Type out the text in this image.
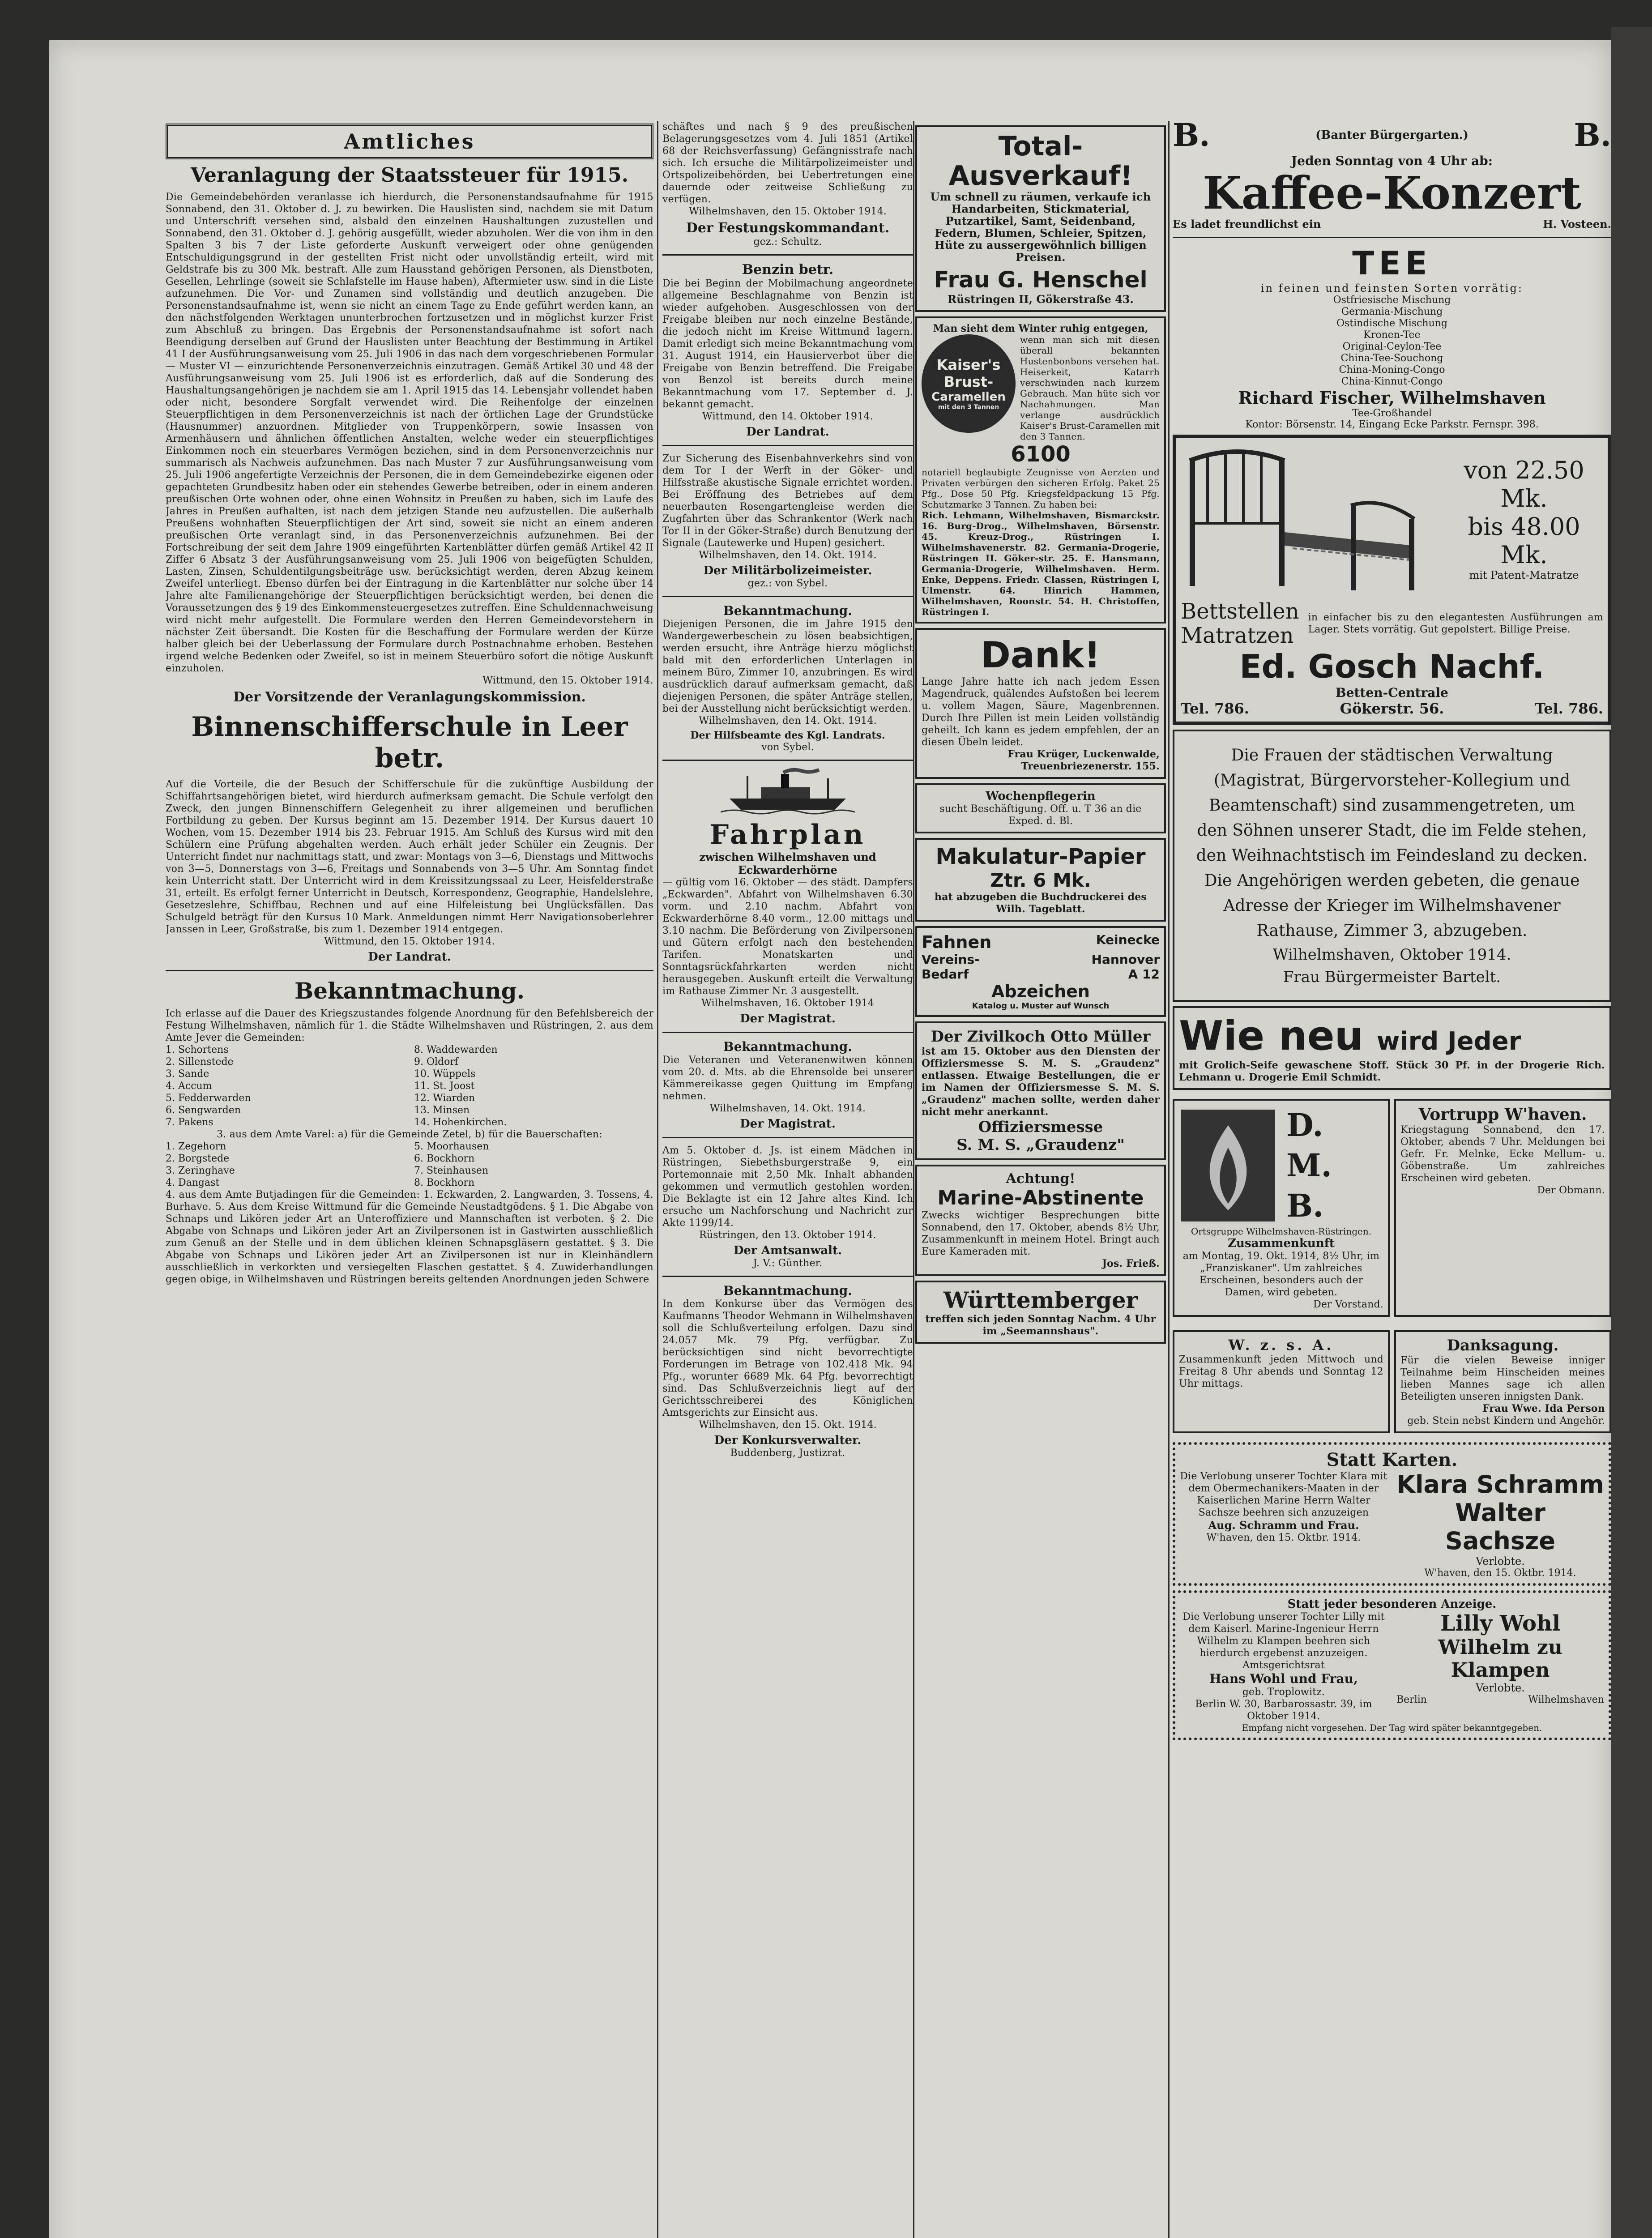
Amtliches
Veranlagung der Staatssteuer für 1915.
Die Gemeindebehörden veranlasse ich hierdurch, die Personenstandsaufnahme für 1915 Sonnabend, den 31. Oktober d. J. zu bewirken. Die Hauslisten sind, nachdem sie mit Datum und Unterschrift versehen sind, alsbald den einzelnen Haushaltungen zuzustellen und Sonnabend, den 31. Oktober d. J. gehörig ausgefüllt, wieder abzuholen. Wer die von ihm in den Spalten 3 bis 7 der Liste geforderte Auskunft verweigert oder ohne genügenden Entschuldigungsgrund in der gestellten Frist nicht oder unvollständig erteilt, wird mit Geldstrafe bis zu 300 Mk. bestraft. Alle zum Hausstand gehörigen Personen, als Dienstboten, Gesellen, Lehrlinge (soweit sie Schlafstelle im Hause haben), Aftermieter usw. sind in die Liste aufzunehmen. Die Vor- und Zunamen sind vollständig und deutlich anzugeben. Die Personenstandsaufnahme ist, wenn sie nicht an einem Tage zu Ende geführt werden kann, an den nächstfolgenden Werktagen ununterbrochen fortzusetzen und in möglichst kurzer Frist zum Abschluß zu bringen. Das Ergebnis der Personenstandsaufnahme ist sofort nach Beendigung derselben auf Grund der Hauslisten unter Beachtung der Bestimmung in Artikel 41 I der Ausführungsanweisung vom 25. Juli 1906 in das nach dem vorgeschriebenen Formular — Muster VI — einzurichtende Personenverzeichnis einzutragen. Gemäß Artikel 30 und 48 der Ausführungsanweisung vom 25. Juli 1906 ist es erforderlich, daß auf die Sonderung des Haushaltungsangehörigen je nachdem sie am 1. April 1915 das 14. Lebensjahr vollendet haben oder nicht, besondere Sorgfalt verwendet wird. Die Reihenfolge der einzelnen Steuerpflichtigen in dem Personenverzeichnis ist nach der örtlichen Lage der Grundstücke (Hausnummer) anzuordnen. Mitglieder von Truppenkörpern, sowie Insassen von Armenhäusern und ähnlichen öffentlichen Anstalten, welche weder ein steuerpflichtiges Einkommen noch ein steuerbares Vermögen beziehen, sind in dem Personenverzeichnis nur summarisch als Nachweis aufzunehmen. Das nach Muster 7 zur Ausführungsanweisung vom 25. Juli 1906 angefertigte Verzeichnis der Personen, die in dem Gemeindebezirke eigenen oder gepachteten Grundbesitz haben oder ein stehendes Gewerbe betreiben, oder in einem anderen preußischen Orte wohnen oder, ohne einen Wohnsitz in Preußen zu haben, sich im Laufe des Jahres in Preußen aufhalten, ist nach dem jetzigen Stande neu aufzustellen. Die außerhalb Preußens wohnhaften Steuerpflichtigen der Art sind, soweit sie nicht an einem anderen preußischen Orte veranlagt sind, in das Personenverzeichnis aufzunehmen. Bei der Fortschreibung der seit dem Jahre 1909 eingeführten Kartenblätter dürfen gemäß Artikel 42 II Ziffer 6 Absatz 3 der Ausführungsanweisung vom 25. Juli 1906 von beigefügten Schulden, Lasten, Zinsen, Schuldentilgungsbeiträge usw. berücksichtigt werden, deren Abzug keinem Zweifel unterliegt. Ebenso dürfen bei der Eintragung in die Kartenblätter nur solche über 14 Jahre alte Familienangehörige der Steuerpflichtigen berücksichtigt werden, bei denen die Voraussetzungen des § 19 des Einkommensteuergesetzes zutreffen. Eine Schuldennachweisung wird nicht mehr aufgestellt. Die Formulare werden den Herren Gemeindevorstehern in nächster Zeit übersandt. Die Kosten für die Beschaffung der Formulare werden der Kürze halber gleich bei der Ueberlassung der Formulare durch Postnachnahme erhoben. Bestehen irgend welche Bedenken oder Zweifel, so ist in meinem Steuerbüro sofort die nötige Auskunft einzuholen.
Wittmund, den 15. Oktober 1914.
Der Vorsitzende der Veranlagungskommission.
Binnenschifferschule in Leer betr.
Auf die Vorteile, die der Besuch der Schifferschule für die zukünftige Ausbildung der Schiffahrtsangehörigen bietet, wird hierdurch aufmerksam gemacht. Die Schule verfolgt den Zweck, den jungen Binnenschiffern Gelegenheit zu ihrer allgemeinen und beruflichen Fortbildung zu geben. Der Kursus beginnt am 15. Dezember 1914. Der Kursus dauert 10 Wochen, vom 15. Dezember 1914 bis 23. Februar 1915. Am Schluß des Kursus wird mit den Schülern eine Prüfung abgehalten werden. Auch erhält jeder Schüler ein Zeugnis. Der Unterricht findet nur nachmittags statt, und zwar: Montags von 3—6, Dienstags und Mittwochs von 3—5, Donnerstags von 3—6, Freitags und Sonnabends von 3—5 Uhr. Am Sonntag findet kein Unterricht statt. Der Unterricht wird in dem Kreissitzungssaal zu Leer, Heisfelderstraße 31, erteilt. Es erfolgt ferner Unterricht in Deutsch, Korrespondenz, Geographie, Handelslehre, Gesetzeslehre, Schiffbau, Rechnen und auf eine Hilfeleistung bei Unglücksfällen. Das Schulgeld beträgt für den Kursus 10 Mark. Anmeldungen nimmt Herr Navigationsoberlehrer Janssen in Leer, Großstraße, bis zum 1. Dezember 1914 entgegen.
Wittmund, den 15. Oktober 1914.
Der Landrat.
Bekanntmachung.
Ich erlasse auf die Dauer des Kriegszustandes folgende Anordnung für den Befehlsbereich der Festung Wilhelmshaven, nämlich für 1. die Städte Wilhelmshaven und Rüstringen, 2. aus dem Amte Jever die Gemeinden:
1. Schortens	8. Waddewarden
2. Sillenstede	9. Oldorf
3. Sande	10. Wüppels
4. Accum	11. St. Joost
5. Fedderwarden	12. Wiarden
6. Sengwarden	13. Minsen
7. Pakens	14. Hohenkirchen.
3. aus dem Amte Varel: a) für die Gemeinde Zetel, b) für die Bauerschaften:
1. Zegehorn	5. Moorhausen
2. Borgstede	6. Bockhorn
3. Zeringhave	7. Steinhausen
4. Dangast	8. Bockhorn
4. aus dem Amte Butjadingen für die Gemeinden: 1. Eckwarden, 2. Langwarden, 3. Tossens, 4. Burhave. 5. Aus dem Kreise Wittmund für die Gemeinde Neustadtgödens. § 1. Die Abgabe von Schnaps und Likören jeder Art an Unteroffiziere und Mannschaften ist verboten. § 2. Die Abgabe von Schnaps und Likören jeder Art an Zivilpersonen ist in Gastwirten ausschließlich zum Genuß an der Stelle und in dem üblichen kleinen Schnapsgläsern gestattet. § 3. Die Abgabe von Schnaps und Likören jeder Art an Zivilpersonen ist nur in Kleinhändlern ausschließlich in verkorkten und versiegelten Flaschen gestattet. § 4. Zuwiderhandlungen gegen obige, in Wilhelmshaven und Rüstringen bereits geltenden Anordnungen jeden Schwere
schäftes und nach § 9 des preußischen Belagerungsgesetzes vom 4. Juli 1851 (Artikel 68 der Reichsverfassung) Gefängnisstrafe nach sich. Ich ersuche die Militärpolizeimeister und Ortspolizeibehörden, bei Uebertretungen eine dauernde oder zeitweise Schließung zu verfügen.
Wilhelmshaven, den 15. Oktober 1914.
Der Festungskommandant.
gez.: Schultz.
Benzin betr.
Die bei Beginn der Mobilmachung angeordnete allgemeine Beschlagnahme von Benzin ist wieder aufgehoben. Ausgeschlossen von der Freigabe bleiben nur noch einzelne Bestände, die jedoch nicht im Kreise Wittmund lagern. Damit erledigt sich meine Bekanntmachung vom 31. August 1914, ein Hausierverbot über die Freigabe von Benzin betreffend. Die Freigabe von Benzol ist bereits durch meine Bekanntmachung vom 17. September d. J. bekannt gemacht.
Wittmund, den 14. Oktober 1914.
Der Landrat.
Zur Sicherung des Eisenbahnverkehrs sind von dem Tor I der Werft in der Göker- und Hilfsstraße akustische Signale errichtet worden. Bei Eröffnung des Betriebes auf dem neuerbauten Rosengartengleise werden die Zugfahrten über das Schrankentor (Werk nach Tor II in der Göker-Straße) durch Benutzung der Signale (Lautewerke und Hupen) gesichert.
Wilhelmshaven, den 14. Okt. 1914.
Der Militärbolizeimeister.
gez.: von Sybel.
Bekanntmachung.
Diejenigen Personen, die im Jahre 1915 den Wandergewerbeschein zu lösen beabsichtigen, werden ersucht, ihre Anträge hierzu möglichst bald mit den erforderlichen Unterlagen in meinem Büro, Zimmer 10, anzubringen. Es wird ausdrücklich darauf aufmerksam gemacht, daß diejenigen Personen, die später Anträge stellen, bei der Ausstellung nicht berücksichtigt werden.
Wilhelmshaven, den 14. Okt. 1914.
Der Hilfsbeamte des Kgl. Landrats.
von Sybel.
Fahrplan
zwischen Wilhelmshaven und Eckwarderhörne
— gültig vom 16. Oktober — des städt. Dampfers „Eckwarden". Abfahrt von Wilhelmshaven 6.30 vorm. und 2.10 nachm. Abfahrt von Eckwarderhörne 8.40 vorm., 12.00 mittags und 3.10 nachm. Die Beförderung von Zivilpersonen und Gütern erfolgt nach den bestehenden Tarifen. Monatskarten und Sonntagsrückfahrkarten werden nicht herausgegeben. Auskunft erteilt die Verwaltung im Rathause Zimmer Nr. 3 ausgestellt.
Wilhelmshaven, 16. Oktober 1914
Der Magistrat.
Bekanntmachung.
Die Veteranen und Veteranenwitwen können vom 20. d. Mts. ab die Ehrensolde bei unserer Kämmereikasse gegen Quittung im Empfang nehmen.
Wilhelmshaven, 14. Okt. 1914.
Der Magistrat.
Am 5. Oktober d. Js. ist einem Mädchen in Rüstringen, Siebethsburgerstraße 9, ein Portemonnaie mit 2,50 Mk. Inhalt abhanden gekommen und vermutlich gestohlen worden. Die Beklagte ist ein 12 Jahre altes Kind. Ich ersuche um Nachforschung und Nachricht zur Akte 1199/14.
Rüstringen, den 13. Oktober 1914.
Der Amtsanwalt.
J. V.: Günther.
Bekanntmachung.
In dem Konkurse über das Vermögen des Kaufmanns Theodor Wehmann in Wilhelmshaven soll die Schlußverteilung erfolgen. Dazu sind 24.057 Mk. 79 Pfg. verfügbar. Zu berücksichtigen sind nicht bevorrechtigte Forderungen im Betrage von 102.418 Mk. 94 Pfg., worunter 6689 Mk. 64 Pfg. bevorrechtigt sind. Das Schlußverzeichnis liegt auf der Gerichtsschreiberei des Königlichen Amtsgerichts zur Einsicht aus.
Wilhelmshaven, den 15. Okt. 1914.
Der Konkursverwalter.
Buddenberg, Justizrat.
Total-Ausverkauf!
Um schnell zu räumen, verkaufe ich Handarbeiten, Stickmaterial, Putzartikel, Samt, Seidenband, Federn, Blumen, Schleier, Spitzen, Hüte zu aussergewöhnlich billigen Preisen.
Frau G. Henschel
Rüstringen II, Gökerstraße 43.
Man sieht dem Winter ruhig entgegen,
Kaiser's
Brust-
Caramellen
mit den 3 Tannen
wenn man sich mit diesen überall bekannten Hustenbonbons versehen hat. Heiserkeit, Katarrh verschwinden nach kurzem Gebrauch. Man hüte sich vor Nachahmungen. Man verlange ausdrücklich Kaiser's Brust-Caramellen mit den 3 Tannen.
6100
notariell beglaubigte Zeugnisse von Aerzten und Privaten verbürgen den sicheren Erfolg. Paket 25 Pfg., Dose 50 Pfg. Kriegsfeldpackung 15 Pfg. Schutzmarke 3 Tannen. Zu haben bei:
Rich. Lehmann, Wilhelmshaven, Bismarckstr. 16. Burg-Drog., Wilhelmshaven, Börsenstr. 45. Kreuz-Drog., Rüstringen I. Wilhelmshavenerstr. 82. Germania-Drogerie, Rüstringen II. Göker-str. 25. E. Hansmann, Germania-Drogerie, Wilhelmshaven. Herm. Enke, Deppens. Friedr. Classen, Rüstringen I, Ulmenstr. 64. Hinrich Hammen, Wilhelmshaven, Roonstr. 54. H. Christoffen, Rüstringen I.
Dank!
Lange Jahre hatte ich nach jedem Essen Magendruck, quälendes Aufstoßen bei leerem u. vollem Magen, Säure, Magenbrennen. Durch Ihre Pillen ist mein Leiden vollständig geheilt. Ich kann es jedem empfehlen, der an diesen Übeln leidet.
Frau Krüger, Luckenwalde, Treuenbriezenerstr. 155.
Wochenpflegerin
sucht Beschäftigung. Off. u. T 36 an die Exped. d. Bl.
Makulatur-Papier
Ztr. 6 Mk.
hat abzugeben die Buchdruckerei des Wilh. Tageblatt.
Fahnen	Keinecke
Vereins-	Hannover
Bedarf	A 12
Abzeichen
Katalog u. Muster auf Wunsch
Der Zivilkoch Otto Müller
ist am 15. Oktober aus den Diensten der Offiziersmesse S. M. S. „Graudenz" entlassen. Etwaige Bestellungen, die er im Namen der Offiziersmesse S. M. S. „Graudenz" machen sollte, werden daher nicht mehr anerkannt.
Offiziersmesse
S. M. S. „Graudenz"
Achtung!
Marine-Abstinente
Zwecks wichtiger Besprechungen bitte Sonnabend, den 17. Oktober, abends 8½ Uhr, Zusammenkunft in meinem Hotel. Bringt auch Eure Kameraden mit.
Jos. Frieß.
Württemberger
treffen sich jeden Sonntag Nachm. 4 Uhr im „Seemannshaus".
B.	(Banter Bürgergarten.)	B.
Jeden Sonntag von 4 Uhr ab:
Kaffee-Konzert
Es ladet freundlichst ein	H. Vosteen.
TEE
in feinen und feinsten Sorten vorrätig:
Ostfriesische Mischung
Germania-Mischung
Ostindische Mischung
Kronen-Tee
Original-Ceylon-Tee
China-Tee-Souchong
China-Moning-Congo
China-Kinnut-Congo
Richard Fischer, Wilhelmshaven
Tee-Großhandel
Kontor: Börsenstr. 14, Eingang Ecke Parkstr. Fernspr. 398.
von 22.50 Mk.
bis 48.00 Mk.
mit Patent-Matratze
Bettstellen
Matratzen
in einfacher bis zu den elegantesten Ausführungen am Lager. Stets vorrätig. Gut gepolstert. Billige Preise.
Ed. Gosch Nachf.
Betten-Centrale
Tel. 786.	Gökerstr. 56.	Tel. 786.
Die Frauen der städtischen Verwaltung (Magistrat, Bürgervorsteher-Kollegium und Beamtenschaft) sind zusammengetreten, um den Söhnen unserer Stadt, die im Felde stehen, den Weihnachtstisch im Feindesland zu decken. Die Angehörigen werden gebeten, die genaue Adresse der Krieger im Wilhelmshavener Rathause, Zimmer 3, abzugeben.
Wilhelmshaven, Oktober 1914.
Frau Bürgermeister Bartelt.
Wie neu wird Jeder
mit Grolich-Seife gewaschene Stoff. Stück 30 Pf. in der Drogerie Rich. Lehmann u. Drogerie Emil Schmidt.
D.
M.
B.
Ortsgruppe Wilhelmshaven-Rüstringen.
Zusammenkunft
am Montag, 19. Okt. 1914, 8½ Uhr, im „Franziskaner". Um zahlreiches Erscheinen, besonders auch der Damen, wird gebeten.
Der Vorstand.
Vortrupp W'haven.
Kriegstagung Sonnabend, den 17. Oktober, abends 7 Uhr. Meldungen bei Gefr. Fr. Melnke, Ecke Mellum- u. Göbenstraße. Um zahlreiches Erscheinen wird gebeten.
Der Obmann.
W. z. s. A.
Zusammenkunft jeden Mittwoch und Freitag 8 Uhr abends und Sonntag 12 Uhr mittags.
Danksagung.
Für die vielen Beweise inniger Teilnahme beim Hinscheiden meines lieben Mannes sage ich allen Beteiligten unseren innigsten Dank.
Frau Wwe. Ida Person
geb. Stein nebst Kindern und Angehör.
Statt Karten.
Die Verlobung unserer Tochter Klara mit dem Obermechanikers-Maaten in der Kaiserlichen Marine Herrn Walter Sachsze beehren sich anzuzeigen
Aug. Schramm und Frau.
W'haven, den 15. Oktbr. 1914.
Klara Schramm
Walter Sachsze
Verlobte.
W'haven, den 15. Oktbr. 1914.
Statt jeder besonderen Anzeige.
Die Verlobung unserer Tochter Lilly mit dem Kaiserl. Marine-Ingenieur Herrn Wilhelm zu Klampen beehren sich hierdurch ergebenst anzuzeigen.
Amtsgerichtsrat
Hans Wohl und Frau,
geb. Troplowitz.
Berlin W. 30, Barbarossastr. 39, im Oktober 1914.
Lilly Wohl
Wilhelm zu Klampen
Verlobte.
Berlin	Wilhelmshaven
Empfang nicht vorgesehen. Der Tag wird später bekanntgegeben.
